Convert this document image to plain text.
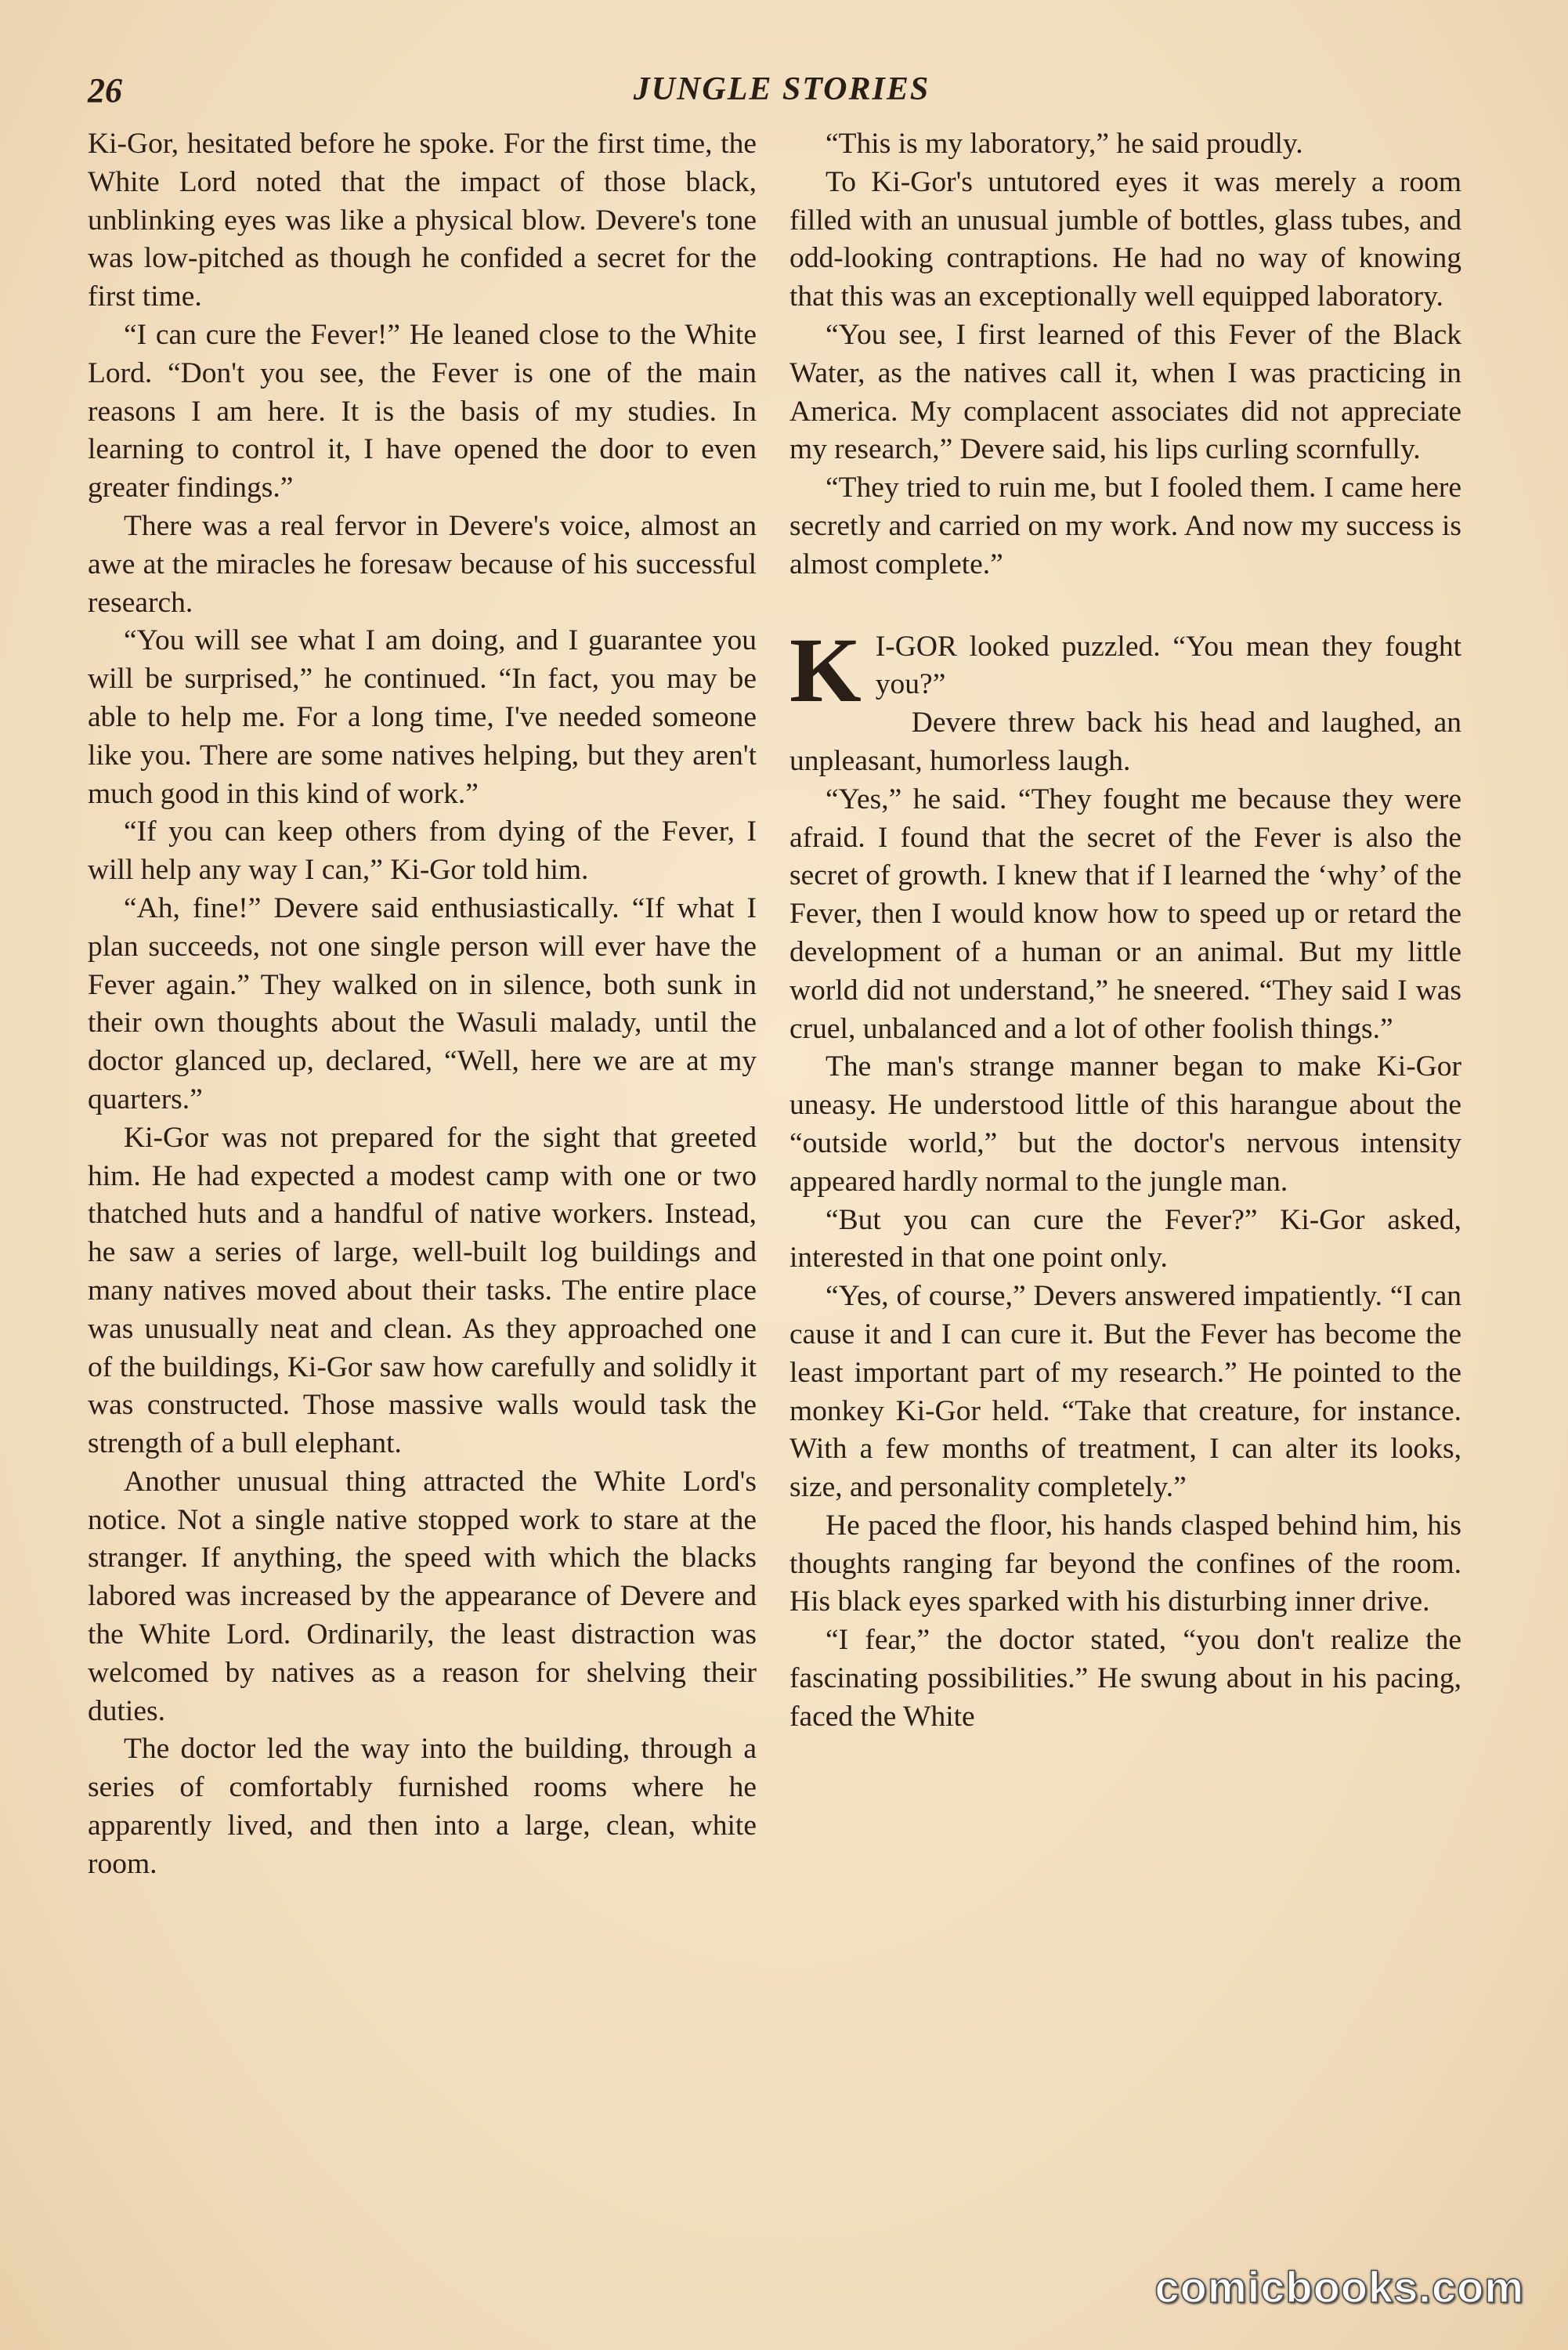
26	JUNGLE STORIES

Ki-Gor, hesitated before he spoke. For the first time, the White Lord noted that the impact of those black, unblinking eyes was like a physical blow. Devere's tone was low-pitched as though he confided a secret for the first time.

“I can cure the Fever!” He leaned close to the White Lord. “Don't you see, the Fever is one of the main reasons I am here. It is the basis of my studies. In learning to control it, I have opened the door to even greater findings.”

There was a real fervor in Devere's voice, almost an awe at the miracles he foresaw because of his successful research.

“You will see what I am doing, and I guarantee you will be surprised,” he continued. “In fact, you may be able to help me. For a long time, I've needed someone like you. There are some natives helping, but they aren't much good in this kind of work.”

“If you can keep others from dying of the Fever, I will help any way I can,” Ki-Gor told him.

“Ah, fine!” Devere said enthusiastically. “If what I plan succeeds, not one single person will ever have the Fever again.” They walked on in silence, both sunk in their own thoughts about the Wasuli malady, until the doctor glanced up, declared, “Well, here we are at my quarters.”

Ki-Gor was not prepared for the sight that greeted him. He had expected a modest camp with one or two thatched huts and a handful of native workers. Instead, he saw a series of large, well-built log buildings and many natives moved about their tasks. The entire place was unusually neat and clean. As they approached one of the buildings, Ki-Gor saw how carefully and solidly it was constructed. Those massive walls would task the strength of a bull elephant.

Another unusual thing attracted the White Lord's notice. Not a single native stopped work to stare at the stranger. If anything, the speed with which the blacks labored was increased by the appearance of Devere and the White Lord. Ordinarily, the least distraction was welcomed by natives as a reason for shelving their duties.

The doctor led the way into the building, through a series of comfortably furnished rooms where he apparently lived, and then into a large, clean, white room.

“This is my laboratory,” he said proudly.

To Ki-Gor's untutored eyes it was merely a room filled with an unusual jumble of bottles, glass tubes, and odd-looking contraptions. He had no way of knowing that this was an exceptionally well equipped laboratory.

“You see, I first learned of this Fever of the Black Water, as the natives call it, when I was practicing in America. My complacent associates did not appreciate my research,” Devere said, his lips curling scornfully.

“They tried to ruin me, but I fooled them. I came here secretly and carried on my work. And now my success is almost complete.”

K I-GOR looked puzzled. “You mean they fought you?”

Devere threw back his head and laughed, an unpleasant, humorless laugh.

“Yes,” he said. “They fought me because they were afraid. I found that the secret of the Fever is also the secret of growth. I knew that if I learned the ‘why’ of the Fever, then I would know how to speed up or retard the development of a human or an animal. But my little world did not understand,” he sneered. “They said I was cruel, unbalanced and a lot of other foolish things.”

The man's strange manner began to make Ki-Gor uneasy. He understood little of this harangue about the “outside world,” but the doctor's nervous intensity appeared hardly normal to the jungle man.

“But you can cure the Fever?” Ki-Gor asked, interested in that one point only.

“Yes, of course,” Devers answered impatiently. “I can cause it and I can cure it. But the Fever has become the least important part of my research.” He pointed to the monkey Ki-Gor held. “Take that creature, for instance. With a few months of treatment, I can alter its looks, size, and personality completely.”

He paced the floor, his hands clasped behind him, his thoughts ranging far beyond the confines of the room. His black eyes sparked with his disturbing inner drive.

“I fear,” the doctor stated, “you don't realize the fascinating possibilities.” He swung about in his pacing, faced the White

comicbooks.com
